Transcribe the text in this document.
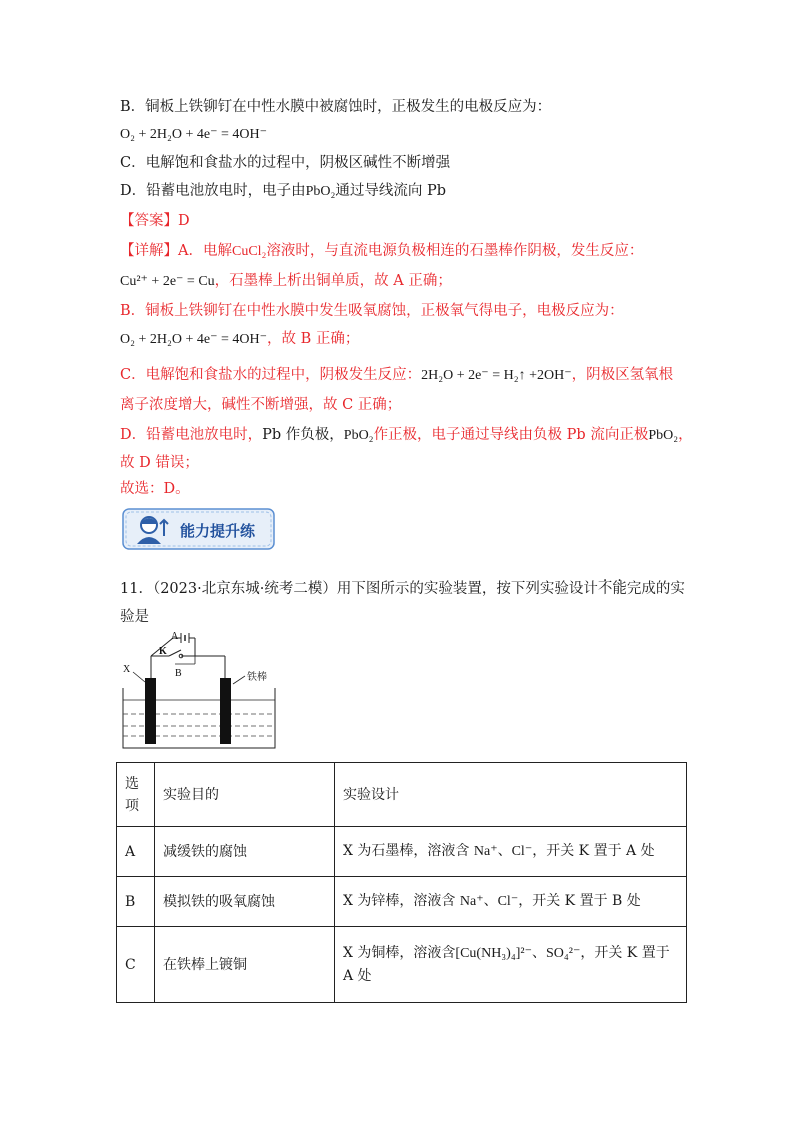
B．铜板上铁铆钉在中性水膜中被腐蚀时，正极发生的电极反应为：
O₂ + 2H₂O + 4e⁻ = 4OH⁻
C．电解饱和食盐水的过程中，阴极区碱性不断增强
D．铅蓄电池放电时，电子由PbO₂通过导线流向 Pb
【答案】D
【详解】A．电解CuCl₂溶液时，与直流电源负极相连的石墨棒作阴极，发生反应：
Cu²⁺ + 2e⁻ = Cu，石墨棒上析出铜单质，故 A 正确；
B．铜板上铁铆钉在中性水膜中发生吸氧腐蚀，正极氧气得电子，电极反应为：
O₂ + 2H₂O + 4e⁻ = 4OH⁻，故 B 正确；
C．电解饱和食盐水的过程中，阴极发生反应：2H₂O + 2e⁻ = H₂↑ +2OH⁻，阴极区氢氧根
离子浓度增大，碱性不断增强，故 C 正确；
D．铅蓄电池放电时，Pb 作负极，PbO₂作正极，电子通过导线由负极 Pb 流向正极PbO₂，
故 D 错误；
故选：D。
能力提升练
11．（2023·北京东城·统考二模）用下图所示的实验装置，按下列实验设计不能完成的实
验是
A
K
B
X
铁棒
选项	实验目的	实验设计
A	减缓铁的腐蚀	X 为石墨棒，溶液含 Na⁺、Cl⁻，开关 K 置于 A 处
B	模拟铁的吸氧腐蚀	X 为锌棒，溶液含 Na⁺、Cl⁻，开关 K 置于 B 处
C	在铁棒上镀铜	X 为铜棒，溶液含[Cu(NH₃)₄]²⁻、SO₄²⁻，开关 K 置于
A 处
